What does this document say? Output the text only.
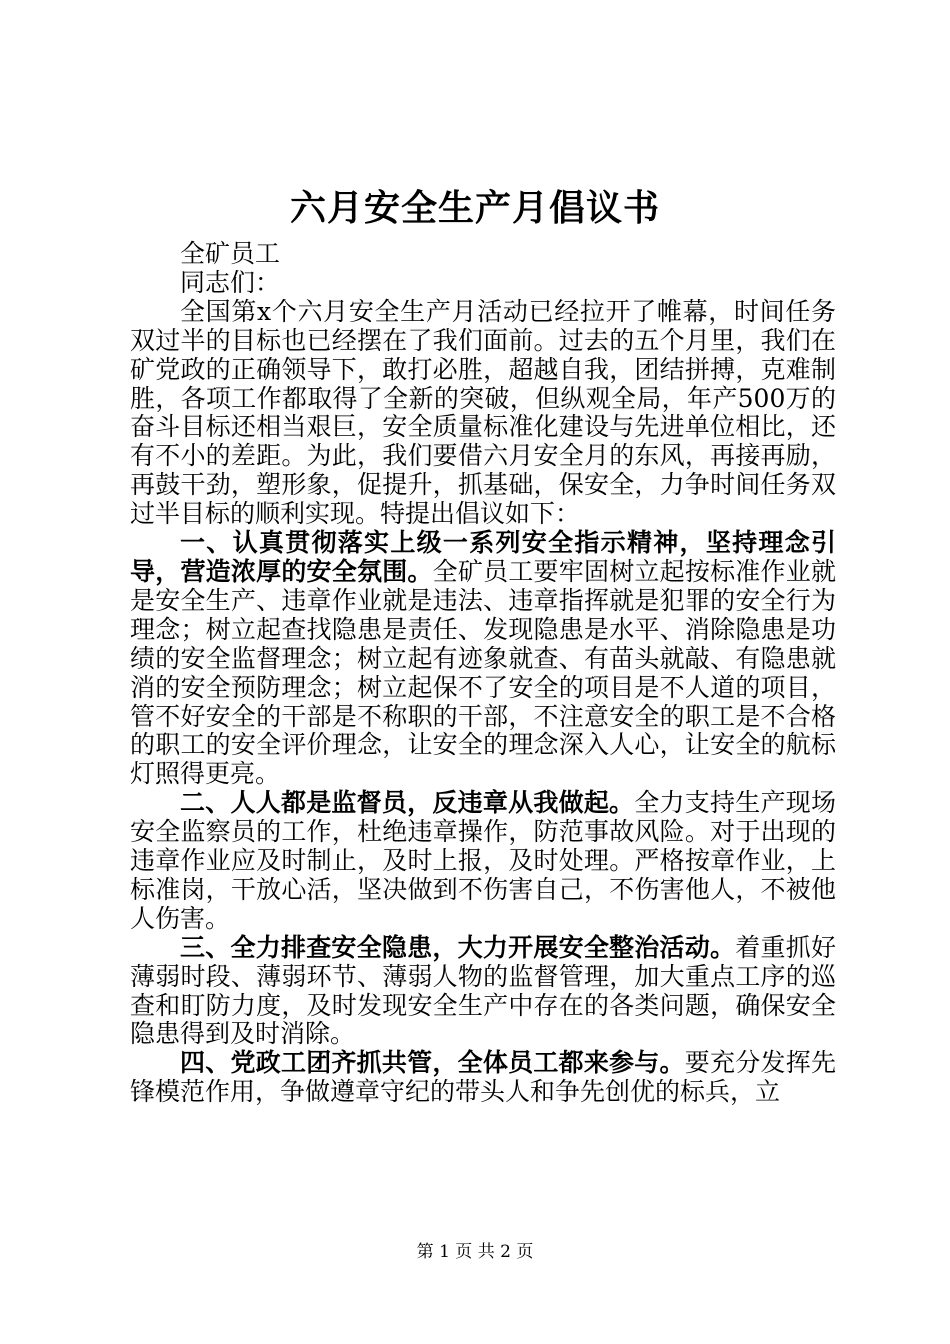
六月安全生产月倡议书

全矿员工

同志们：

全国第x个六月安全生产月活动已经拉开了帷幕，时间任务双过半的目标也已经摆在了我们面前。过去的五个月里，我们在矿党政的正确领导下，敢打必胜，超越自我，团结拼搏，克难制胜，各项工作都取得了全新的突破，但纵观全局，年产500万的奋斗目标还相当艰巨，安全质量标准化建设与先进单位相比，还有不小的差距。为此，我们要借六月安全月的东风，再接再励，再鼓干劲，塑形象，促提升，抓基础，保安全，力争时间任务双过半目标的顺利实现。特提出倡议如下：

一、认真贯彻落实上级一系列安全指示精神，坚持理念引导，营造浓厚的安全氛围。全矿员工要牢固树立起按标准作业就是安全生产、违章作业就是违法、违章指挥就是犯罪的安全行为理念；树立起查找隐患是责任、发现隐患是水平、消除隐患是功绩的安全监督理念；树立起有迹象就查、有苗头就敲、有隐患就消的安全预防理念；树立起保不了安全的项目是不人道的项目，管不好安全的干部是不称职的干部，不注意安全的职工是不合格的职工的安全评价理念，让安全的理念深入人心，让安全的航标灯照得更亮。

二、人人都是监督员，反违章从我做起。全力支持生产现场安全监察员的工作，杜绝违章操作，防范事故风险。对于出现的违章作业应及时制止，及时上报，及时处理。严格按章作业，上标准岗，干放心活，坚决做到不伤害自己，不伤害他人，不被他人伤害。

三、全力排查安全隐患，大力开展安全整治活动。着重抓好薄弱时段、薄弱环节、薄弱人物的监督管理，加大重点工序的巡查和盯防力度，及时发现安全生产中存在的各类问题，确保安全隐患得到及时消除。

四、党政工团齐抓共管，全体员工都来参与。要充分发挥先锋模范作用，争做遵章守纪的带头人和争先创优的标兵，立

第 1 页 共 2 页
